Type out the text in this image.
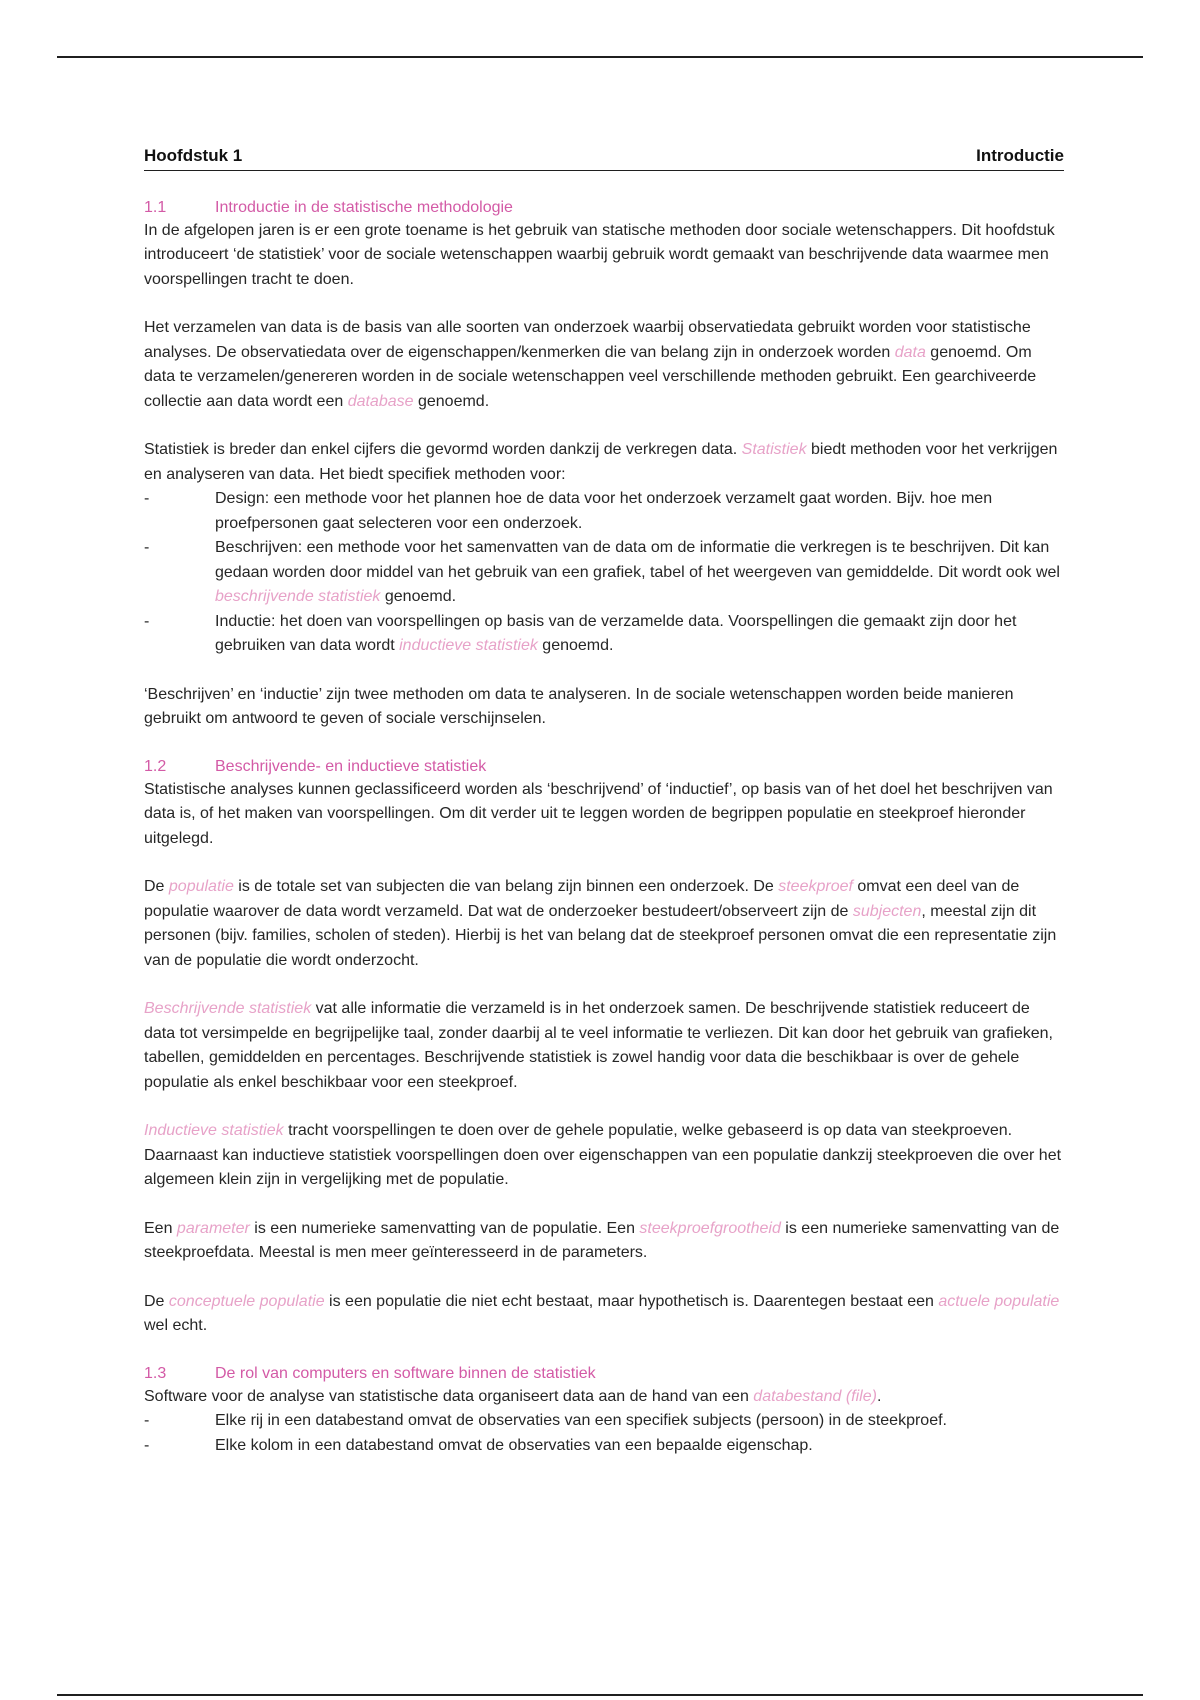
Hoofdstuk 1	Introductie
1.1	Introductie in de statistische methodologie

In de afgelopen jaren is er een grote toename is het gebruik van statische methoden door sociale wetenschappers. Dit hoofdstuk introduceert ‘de statistiek’ voor de sociale wetenschappen waarbij gebruik wordt gemaakt van beschrijvende data waarmee men voorspellingen tracht te doen.

Het verzamelen van data is de basis van alle soorten van onderzoek waarbij observatiedata gebruikt worden voor statistische analyses. De observatiedata over de eigenschappen/kenmerken die van belang zijn in onderzoek worden data genoemd. Om data te verzamelen/genereren worden in de sociale wetenschappen veel verschillende methoden gebruikt. Een gearchiveerde collectie aan data wordt een database genoemd.

Statistiek is breder dan enkel cijfers die gevormd worden dankzij de verkregen data. Statistiek biedt methoden voor het verkrijgen en analyseren van data. Het biedt specifiek methoden voor:

-	Design: een methode voor het plannen hoe de data voor het onderzoek verzamelt gaat worden. Bijv. hoe men proefpersonen gaat selecteren voor een onderzoek.
-	Beschrijven: een methode voor het samenvatten van de data om de informatie die verkregen is te beschrijven. Dit kan gedaan worden door middel van het gebruik van een grafiek, tabel of het weergeven van gemiddelde. Dit wordt ook wel beschrijvende statistiek genoemd.
-	Inductie: het doen van voorspellingen op basis van de verzamelde data. Voorspellingen die gemaakt zijn door het gebruiken van data wordt inductieve statistiek genoemd.

‘Beschrijven’ en ‘inductie’ zijn twee methoden om data te analyseren. In de sociale wetenschappen worden beide manieren gebruikt om antwoord te geven of sociale verschijnselen.

1.2	Beschrijvende- en inductieve statistiek

Statistische analyses kunnen geclassificeerd worden als ‘beschrijvend’ of ‘inductief’, op basis van of het doel het beschrijven van data is, of het maken van voorspellingen. Om dit verder uit te leggen worden de begrippen populatie en steekproef hieronder uitgelegd.

De populatie is de totale set van subjecten die van belang zijn binnen een onderzoek. De steekproef omvat een deel van de populatie waarover de data wordt verzameld. Dat wat de onderzoeker bestudeert/observeert zijn de subjecten, meestal zijn dit personen (bijv. families, scholen of steden). Hierbij is het van belang dat de steekproef personen omvat die een representatie zijn van de populatie die wordt onderzocht.

Beschrijvende statistiek vat alle informatie die verzameld is in het onderzoek samen. De beschrijvende statistiek reduceert de data tot versimpelde en begrijpelijke taal, zonder daarbij al te veel informatie te verliezen. Dit kan door het gebruik van grafieken, tabellen, gemiddelden en percentages. Beschrijvende statistiek is zowel handig voor data die beschikbaar is over de gehele populatie als enkel beschikbaar voor een steekproef.

Inductieve statistiek tracht voorspellingen te doen over de gehele populatie, welke gebaseerd is op data van steekproeven. Daarnaast kan inductieve statistiek voorspellingen doen over eigenschappen van een populatie dankzij steekproeven die over het algemeen klein zijn in vergelijking met de populatie.

Een parameter is een numerieke samenvatting van de populatie. Een steekproefgrootheid is een numerieke samenvatting van de steekproefdata. Meestal is men meer geïnteresseerd in de parameters.

De conceptuele populatie is een populatie die niet echt bestaat, maar hypothetisch is. Daarentegen bestaat een actuele populatie wel echt.

1.3	De rol van computers en software binnen de statistiek

Software voor de analyse van statistische data organiseert data aan de hand van een databestand (file).

-	Elke rij in een databestand omvat de observaties van een specifiek subjects (persoon) in de steekproef.
-	Elke kolom in een databestand omvat de observaties van een bepaalde eigenschap.
